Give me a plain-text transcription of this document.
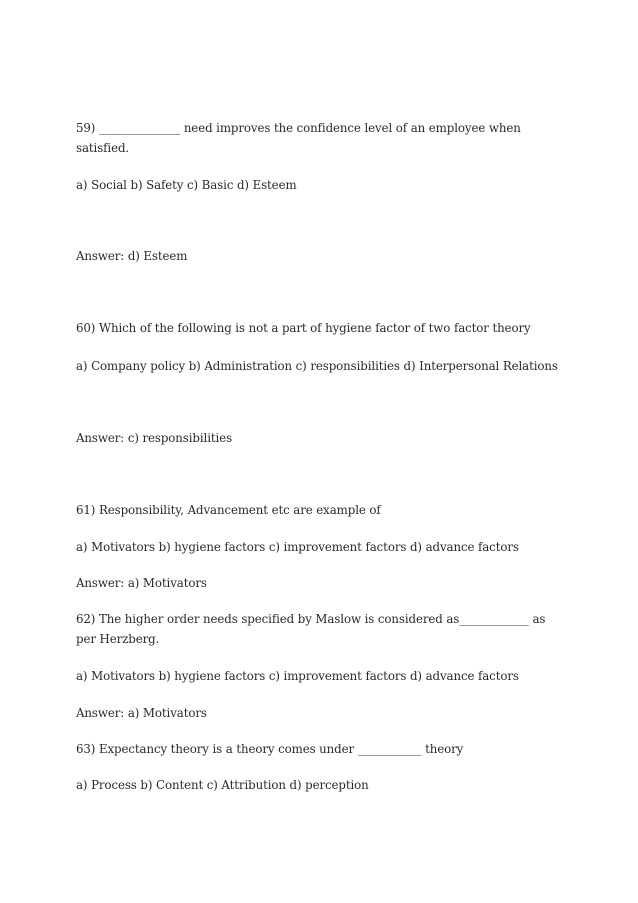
59) ______________ need improves the confidence level of an employee when satisfied.
a) Social b) Safety c) Basic d) Esteem
Answer: d) Esteem
60) Which of the following is not a part of hygiene factor of two factor theory
a) Company policy b) Administration c) responsibilities d) Interpersonal Relations
Answer: c) responsibilities
61) Responsibility, Advancement etc are example of
a) Motivators b) hygiene factors c) improvement factors d) advance factors
Answer: a) Motivators
62) The higher order needs specified by Maslow is considered as____________ as per Herzberg.
a) Motivators b) hygiene factors c) improvement factors d) advance factors
Answer: a) Motivators
63) Expectancy theory is a theory comes under ___________ theory
a) Process b) Content c) Attribution d) perception
